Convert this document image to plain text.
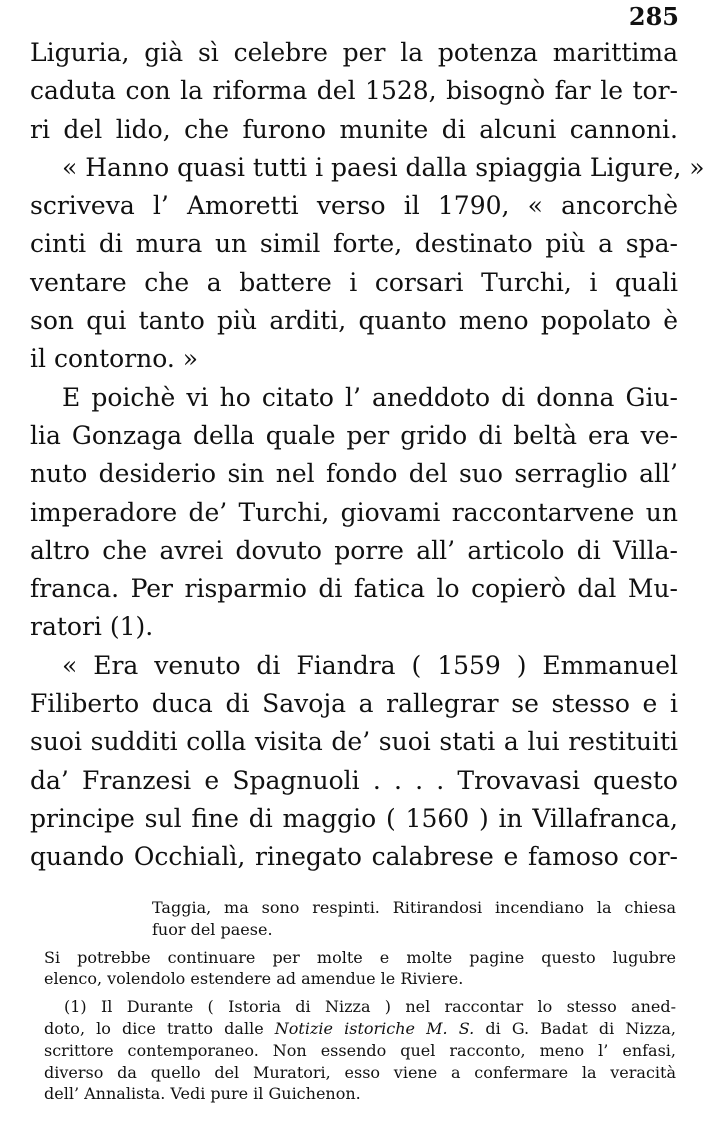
285
Liguria, già sì celebre per la potenza marittima
caduta con la riforma del 1528, bisognò far le tor-
ri del lido, che furono munite di alcuni cannoni.
« Hanno quasi tutti i paesi dalla spiaggia Ligure, »
scriveva l’ Amoretti verso il 1790, « ancorchè
cinti di mura un simil forte, destinato più a spa-
ventare che a battere i corsari Turchi, i quali
son qui tanto più arditi, quanto meno popolato è
il contorno. »
E poichè vi ho citato l’ aneddoto di donna Giu-
lia Gonzaga della quale per grido di beltà era ve-
nuto desiderio sin nel fondo del suo serraglio all’
imperadore de’ Turchi, giovami raccontarvene un
altro che avrei dovuto porre all’ articolo di Villa-
franca. Per risparmio di fatica lo copierò dal Mu-
ratori (1).
« Era venuto di Fiandra ( 1559 ) Emmanuel
Filiberto duca di Savoja a rallegrar se stesso e i
suoi sudditi colla visita de’ suoi stati a lui restituiti
da’ Franzesi e Spagnuoli . . . . Trovavasi questo
principe sul fine di maggio ( 1560 ) in Villafranca,
quando Occhialì, rinegato calabrese e famoso cor-
Taggia, ma sono respinti. Ritirandosi incendiano la chiesa
fuor del paese.
Si potrebbe continuare per molte e molte pagine questo lugubre
elenco, volendolo estendere ad amendue le Riviere.
(1) Il Durante ( Istoria di Nizza ) nel raccontar lo stesso aned-
doto, lo dice tratto dalle Notizie istoriche M. S. di G. Badat di Nizza,
scrittore contemporaneo. Non essendo quel racconto, meno l’ enfasi,
diverso da quello del Muratori, esso viene a confermare la veracità
dell’ Annalista. Vedi pure il Guichenon.
